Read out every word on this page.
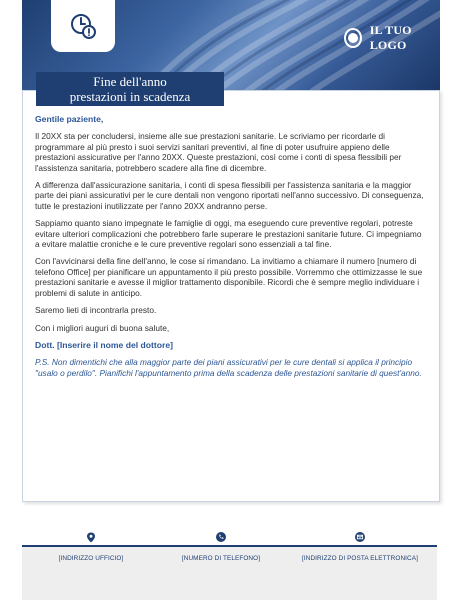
IL TUO LOGO
Fine dell'anno
prestazioni in scadenza

Gentile paziente,

Il 20XX sta per concludersi, insieme alle sue prestazioni sanitarie. Le scriviamo per ricordarle di programmare al più presto i suoi servizi sanitari preventivi, al fine di poter usufruire appieno delle prestazioni assicurative per l'anno 20XX. Queste prestazioni, così come i conti di spesa flessibili per l'assistenza sanitaria, potrebbero scadere alla fine di dicembre.

A differenza dall'assicurazione sanitaria, i conti di spesa flessibili per l'assistenza sanitaria e la maggior parte dei piani assicurativi per le cure dentali non vengono riportati nell'anno successivo. Di conseguenza, tutte le prestazioni inutilizzate per l'anno 20XX andranno perse.

Sappiamo quanto siano impegnate le famiglie di oggi, ma eseguendo cure preventive regolari, potreste evitare ulteriori complicazioni che potrebbero farle superare le prestazioni sanitarie future. Ci impegniamo a evitare malattie croniche e le cure preventive regolari sono essenziali a tal fine.

Con l'avvicinarsi della fine dell'anno, le cose si rimandano. La invitiamo a chiamare il numero [numero di telefono Office] per pianificare un appuntamento il più presto possibile. Vorremmo che ottimizzasse le sue prestazioni sanitarie e avesse il miglior trattamento disponibile. Ricordi che è sempre meglio individuare i problemi di salute in anticipo.

Saremo lieti di incontrarla presto.

Con i migliori auguri di buona salute,

Dott. [Inserire il nome del dottore]

P.S. Non dimentichi che alla maggior parte dei piani assicurativi per le cure dentali si applica il principio "usalo o perdilo". Pianifichi l'appuntamento prima della scadenza delle prestazioni sanitarie di quest'anno.

[INDIRIZZO UFFICIO]	[NUMERO DI TELEFONO]	[INDIRIZZO DI POSTA ELETTRONICA]
